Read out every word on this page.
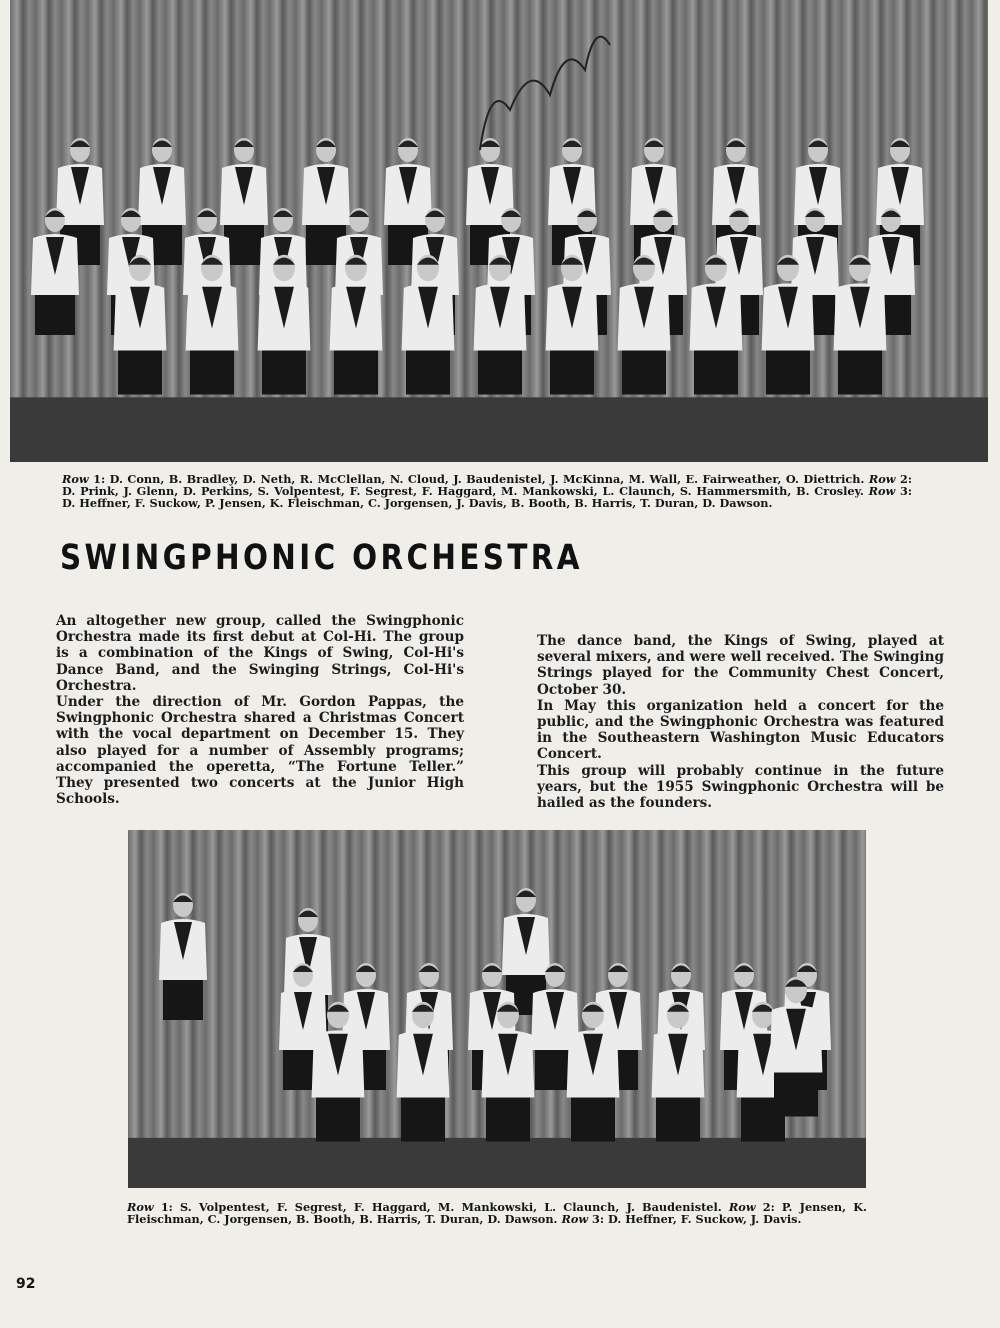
Row 1: D. Conn, B. Bradley, D. Neth, R. McClellan, N. Cloud, J. Baudenistel, J. McKinna, M. Wall, E. Fairweather, O. Diettrich. Row 2: D. Prink, J. Glenn, D. Perkins, S. Volpentest, F. Segrest, F. Haggard, M. Mankowski, L. Claunch, S. Hammersmith, B. Crosley. Row 3: D. Heffner, F. Suckow, P. Jensen, K. Fleischman, C. Jorgensen, J. Davis, B. Booth, B. Harris, T. Duran, D. Dawson.

SWINGPHONIC ORCHESTRA

An altogether new group, called the Swingphonic Orchestra made its first debut at Col-Hi. The group is a combination of the Kings of Swing, Col-Hi's Dance Band, and the Swinging Strings, Col-Hi's Orchestra.

Under the direction of Mr. Gordon Pappas, the Swingphonic Orchestra shared a Christmas Concert with the vocal department on December 15. They also played for a number of Assembly programs; accompanied the operetta, “The Fortune Teller.” They presented two concerts at the Junior High Schools.

The dance band, the Kings of Swing, played at several mixers, and were well received. The Swinging Strings played for the Community Chest Concert, October 30.

In May this organization held a concert for the public, and the Swingphonic Orchestra was featured in the Southeastern Washington Music Educators Concert.

This group will probably continue in the future years, but the 1955 Swingphonic Orchestra will be hailed as the founders.

Row 1: S. Volpentest, F. Segrest, F. Haggard, M. Mankowski, L. Claunch, J. Baudenistel. Row 2: P. Jensen, K. Fleischman, C. Jorgensen, B. Booth, B. Harris, T. Duran, D. Dawson. Row 3: D. Heffner, F. Suckow, J. Davis.

92
